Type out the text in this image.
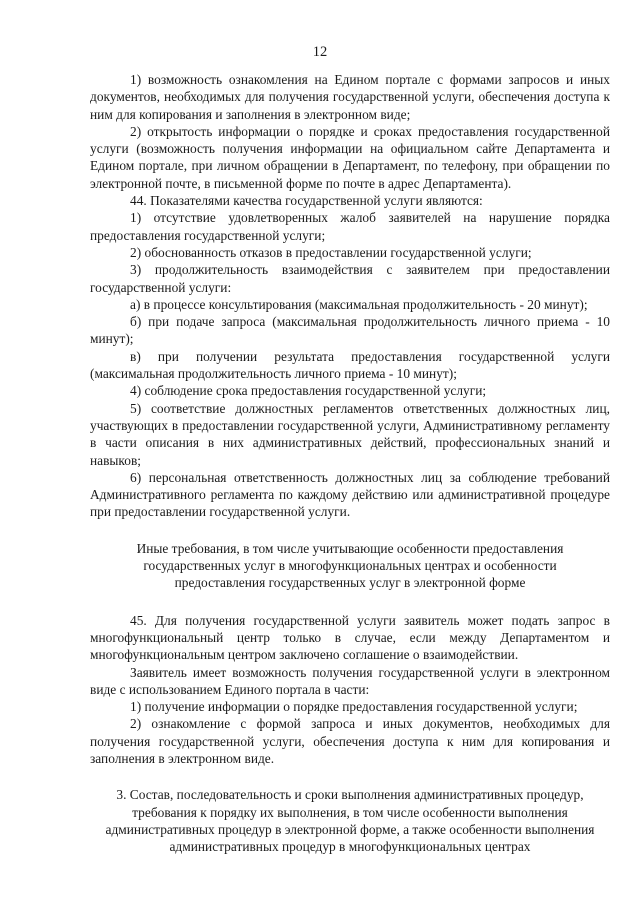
12

1) возможность ознакомления на Едином портале с формами запросов и иных документов, необходимых для получения государственной услуги, обеспечения доступа к ним для копирования и заполнения в электронном виде;

2) открытость информации о порядке и сроках предоставления государственной услуги (возможность получения информации на официальном сайте Департамента и Едином портале, при личном обращении в Департамент, по телефону, при обращении по электронной почте, в письменной форме по почте в адрес Департамента).

44. Показателями качества государственной услуги являются:

1) отсутствие удовлетворенных жалоб заявителей на нарушение порядка предоставления государственной услуги;

2) обоснованность отказов в предоставлении государственной услуги;

3) продолжительность взаимодействия с заявителем при предоставлении государственной услуги:

а) в процессе консультирования (максимальная продолжительность - 20 минут);

б) при подаче запроса (максимальная продолжительность личного приема - 10 минут);

в) при получении результата предоставления государственной услуги (максимальная продолжительность личного приема - 10 минут);

4) соблюдение срока предоставления государственной услуги;

5) соответствие должностных регламентов ответственных должностных лиц, участвующих в предоставлении государственной услуги, Административному регламенту в части описания в них административных действий, профессиональных знаний и навыков;

6) персональная ответственность должностных лиц за соблюдение требований Административного регламента по каждому действию или административной процедуре при предоставлении государственной услуги.

Иные требования, в том числе учитывающие особенности предоставления государственных услуг в многофункциональных центрах и особенности предоставления государственных услуг в электронной форме

45. Для получения государственной услуги заявитель может подать запрос в многофункциональный центр только в случае, если между Департаментом и многофункциональным центром заключено соглашение о взаимодействии.

Заявитель имеет возможность получения государственной услуги в электронном виде с использованием Единого портала в части:

1) получение информации о порядке предоставления государственной услуги;

2) ознакомление с формой запроса и иных документов, необходимых для получения государственной услуги, обеспечения доступа к ним для копирования и заполнения в электронном виде.

3. Состав, последовательность и сроки выполнения административных процедур, требования к порядку их выполнения, в том числе особенности выполнения административных процедур в электронной форме, а также особенности выполнения административных процедур в многофункциональных центрах
